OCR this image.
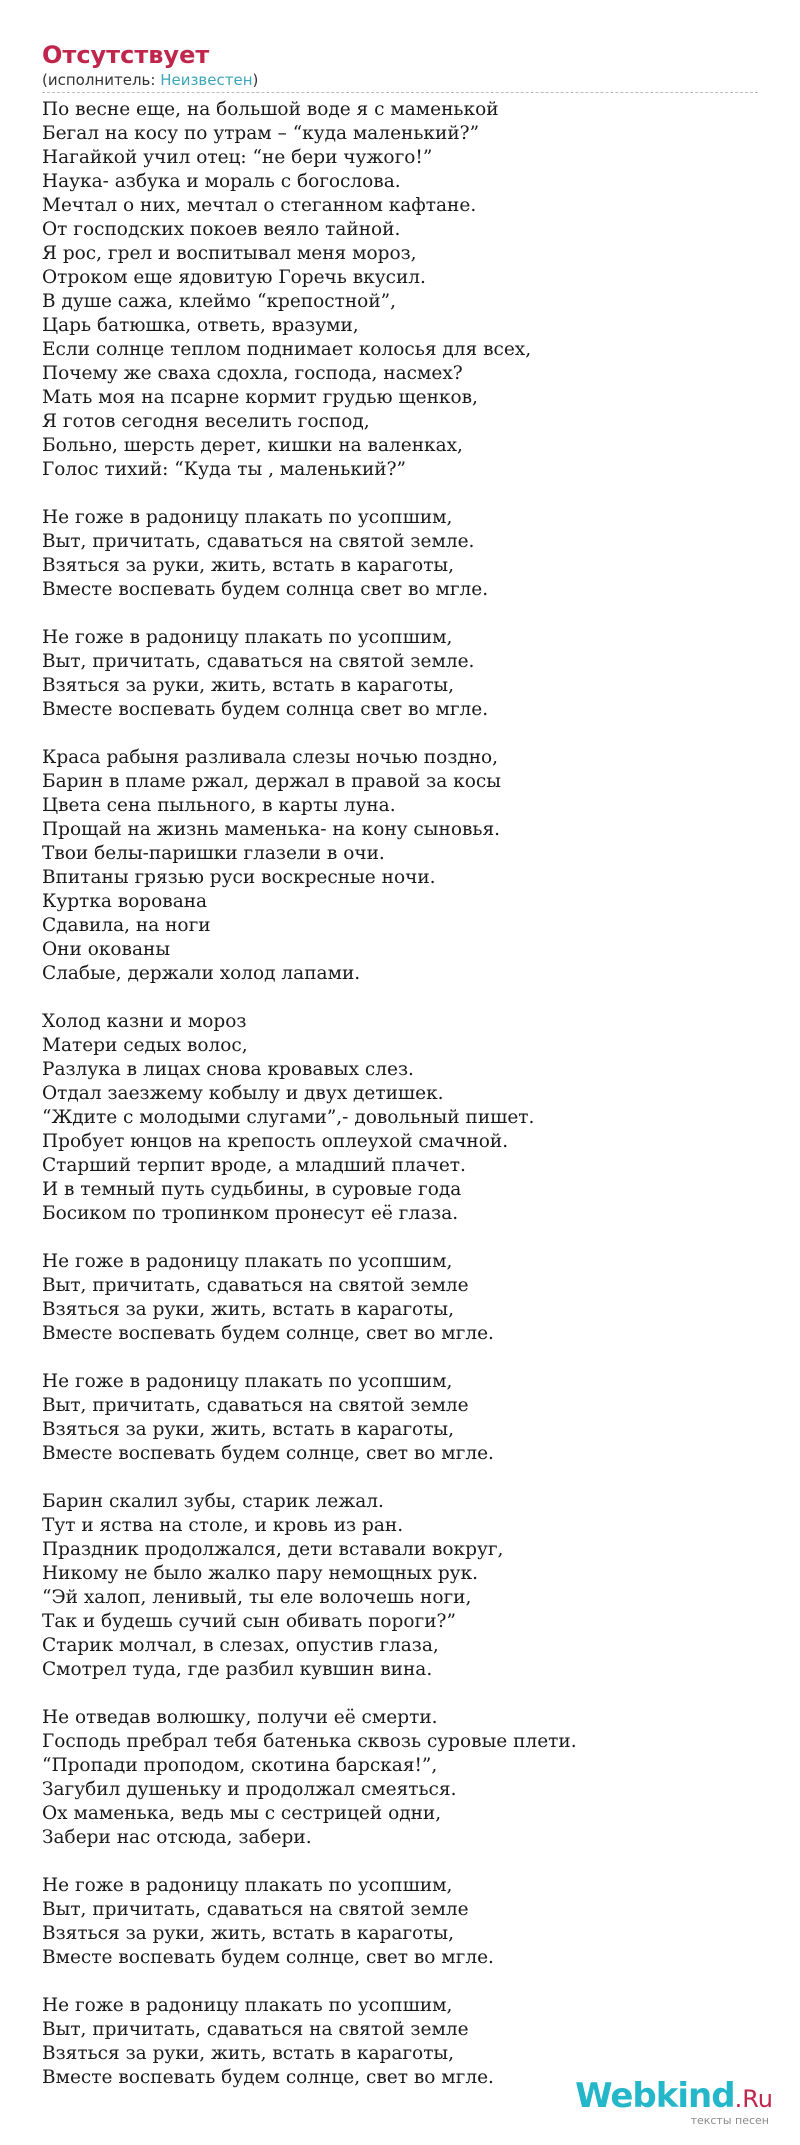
Отсутствует
(исполнитель: Неизвестен)
По весне еще, на большой воде я с маменькой
Бегал на косу по утрам – “куда маленький?”
Нагайкой учил отец: “не бери чужого!”
Наука- азбука и мораль с богослова.
Мечтал о них, мечтал о стеганном кафтане.
От господских покоев веяло тайной.
Я рос, грел и воспитывал меня мороз,
Отроком еще ядовитую Горечь вкусил.
В душе сажа, клеймо “крепостной”,
Царь батюшка, ответь, вразуми,
Если солнце теплом поднимает колосья для всех,
Почему же сваха сдохла, господа, насмех?
Мать моя на псарне кормит грудью щенков,
Я готов сегодня веселить господ,
Больно, шерсть дерет, кишки на валенках,
Голос тихий: “Куда ты , маленький?”
Не гоже в радоницу плакать по усопшим,
Выт, причитать, сдаваться на святой земле.
Взяться за руки, жить, встать в караготы,
Вместе воспевать будем солнца свет во мгле.
Не гоже в радоницу плакать по усопшим,
Выт, причитать, сдаваться на святой земле.
Взяться за руки, жить, встать в караготы,
Вместе воспевать будем солнца свет во мгле.
Краса рабыня разливала слезы ночью поздно,
Барин в пламе ржал, держал в правой за косы
Цвета сена пыльного, в карты луна.
Прощай на жизнь маменька- на кону сыновья.
Твои белы-паришки глазели в очи.
Впитаны грязью руси воскресные ночи.
Куртка ворована
Сдавила, на ноги
Они окованы
Слабые, держали холод лапами.
Холод казни и мороз
Матери седых волос,
Разлука в лицах снова кровавых слез.
Отдал заезжему кобылу и двух детишек.
“Ждите с молодыми слугами”,- довольный пишет.
Пробует юнцов на крепость оплеухой смачной.
Старший терпит вроде, а младший плачет.
И в темный путь судьбины, в суровые года
Босиком по тропинком пронесут её глаза.
Не гоже в радоницу плакать по усопшим,
Выт, причитать, сдаваться на святой земле
Взяться за руки, жить, встать в караготы,
Вместе воспевать будем солнце, свет во мгле.
Не гоже в радоницу плакать по усопшим,
Выт, причитать, сдаваться на святой земле
Взяться за руки, жить, встать в караготы,
Вместе воспевать будем солнце, свет во мгле.
Барин скалил зубы, старик лежал.
Тут и яства на столе, и кровь из ран.
Праздник продолжался, дети вставали вокруг,
Никому не было жалко пару немощных рук.
“Эй халоп, ленивый, ты еле волочешь ноги,
Так и будешь сучий сын обивать пороги?”
Старик молчал, в слезах, опустив глаза,
Смотрел туда, где разбил кувшин вина.
Не отведав волюшку, получи её смерти.
Господь пребрал тебя батенька сквозь суровые плети.
“Пропади проподом, скотина барская!”,
Загубил душеньку и продолжал смеяться.
Ох маменька, ведь мы с сестрицей одни,
Забери нас отсюда, забери.
Не гоже в радоницу плакать по усопшим,
Выт, причитать, сдаваться на святой земле
Взяться за руки, жить, встать в караготы,
Вместе воспевать будем солнце, свет во мгле.
Не гоже в радоницу плакать по усопшим,
Выт, причитать, сдаваться на святой земле
Взяться за руки, жить, встать в караготы,
Вместе воспевать будем солнце, свет во мгле.	Webkind.Ru
тексты песен
